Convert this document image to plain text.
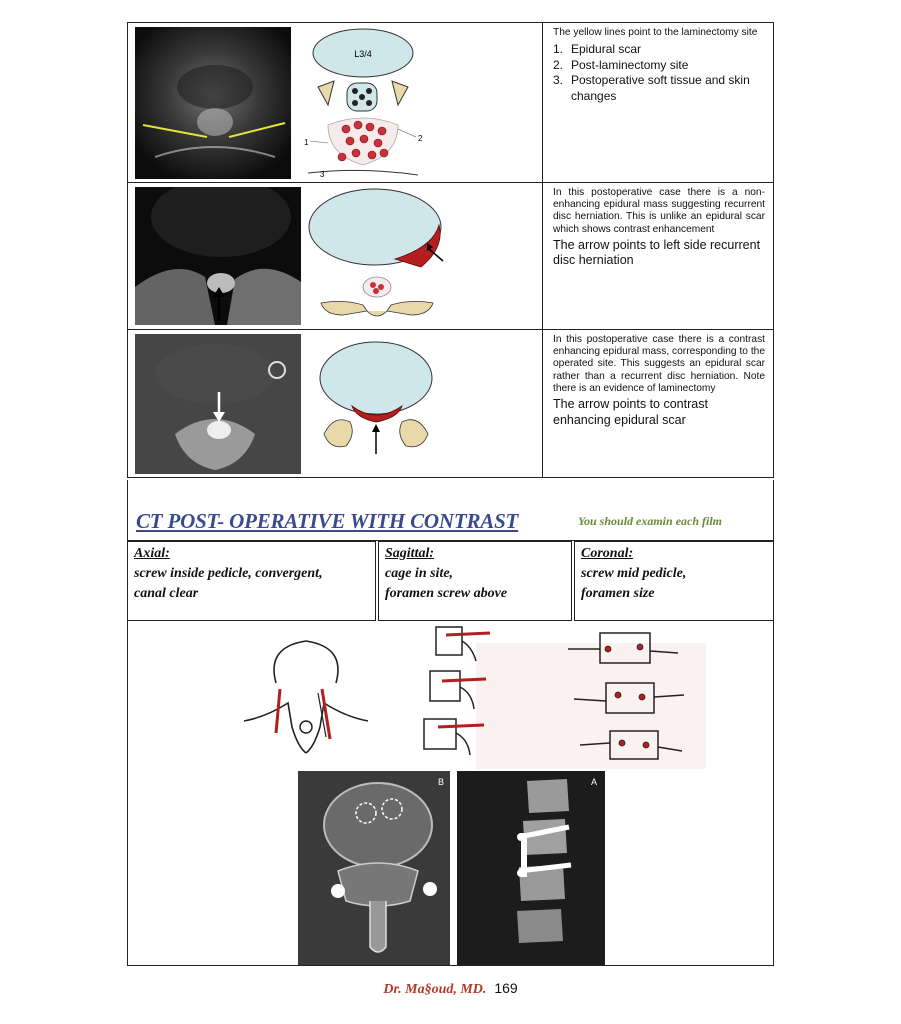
L3/4
1	2
3
The yellow lines point to the laminectomy site
1. Epidural scar
2. Post-laminectomy site
3. Postoperative soft tissue and skin changes
In this postoperative case there is a non-enhancing epidural mass suggesting recurrent disc herniation. This is unlike an epidural scar which shows contrast enhancement
The arrow points to left side recurrent disc herniation
In this postoperative case there is a contrast enhancing epidural mass, corresponding to the operated site. This suggests an epidural scar rather than a recurrent disc herniation. Note there is an evidence of laminectomy
The arrow points to contrast enhancing epidural scar
CT POST- OPERATIVE WITH CONTRAST	You should examin each film
Axial:
screw inside pedicle, convergent,
canal clear
Sagittal:
cage in site,
foramen screw above
Coronal:
screw mid pedicle,
foramen size
B	A
Dr. Ma§oud, MD. 169
